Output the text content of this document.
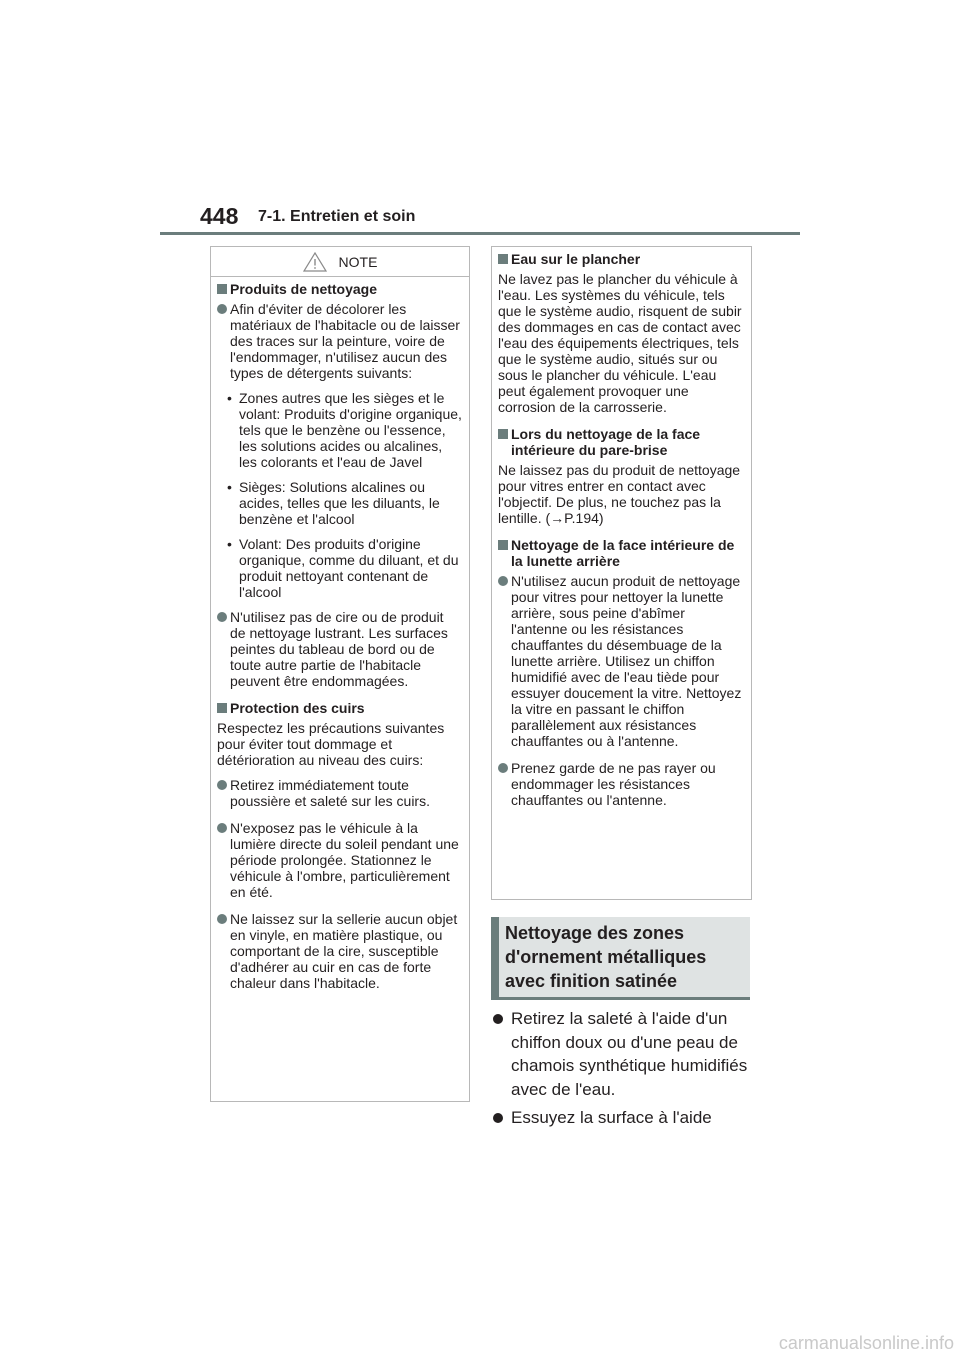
448 7-1. Entretien et soin
NOTE
Produits de nettoyage
Afin d'éviter de décolorer les matériaux de l'habitacle ou de laisser des traces sur la peinture, voire de l'endommager, n'utilisez aucun des types de détergents suivants:
• Zones autres que les sièges et le volant: Produits d'origine organique, tels que le benzène ou l'essence, les solutions acides ou alcalines, les colorants et l'eau de Javel
• Sièges: Solutions alcalines ou acides, telles que les diluants, le benzène et l'alcool
• Volant: Des produits d'origine organique, comme du diluant, et du produit nettoyant contenant de l'alcool
N'utilisez pas de cire ou de produit de nettoyage lustrant. Les surfaces peintes du tableau de bord ou de toute autre partie de l'habitacle peuvent être endommagées.
Protection des cuirs
Respectez les précautions suivantes pour éviter tout dommage et détérioration au niveau des cuirs:
Retirez immédiatement toute poussière et saleté sur les cuirs.
N'exposez pas le véhicule à la lumière directe du soleil pendant une période prolongée. Stationnez le véhicule à l'ombre, particulièrement en été.
Ne laissez sur la sellerie aucun objet en vinyle, en matière plastique, ou comportant de la cire, susceptible d'adhérer au cuir en cas de forte chaleur dans l'habitacle.
Eau sur le plancher
Ne lavez pas le plancher du véhicule à l'eau. Les systèmes du véhicule, tels que le système audio, risquent de subir des dommages en cas de contact avec l'eau des équipements électriques, tels que le système audio, situés sur ou sous le plancher du véhicule. L'eau peut également provoquer une corrosion de la carrosserie.
Lors du nettoyage de la face intérieure du pare-brise
Ne laissez pas du produit de nettoyage pour vitres entrer en contact avec l'objectif. De plus, ne touchez pas la lentille. (→P.194)
Nettoyage de la face intérieure de la lunette arrière
N'utilisez aucun produit de nettoyage pour vitres pour nettoyer la lunette arrière, sous peine d'abîmer l'antenne ou les résistances chauffantes du désembuage de la lunette arrière. Utilisez un chiffon humidifié avec de l'eau tiède pour essuyer doucement la vitre. Nettoyez la vitre en passant le chiffon parallèlement aux résistances chauffantes ou à l'antenne.
Prenez garde de ne pas rayer ou endommager les résistances chauffantes ou l'antenne.
Nettoyage des zones d'ornement métalliques avec finition satinée
Retirez la saleté à l'aide d'un chiffon doux ou d'une peau de chamois synthétique humidifiés avec de l'eau.
Essuyez la surface à l'aide
carmanualsonline.info
